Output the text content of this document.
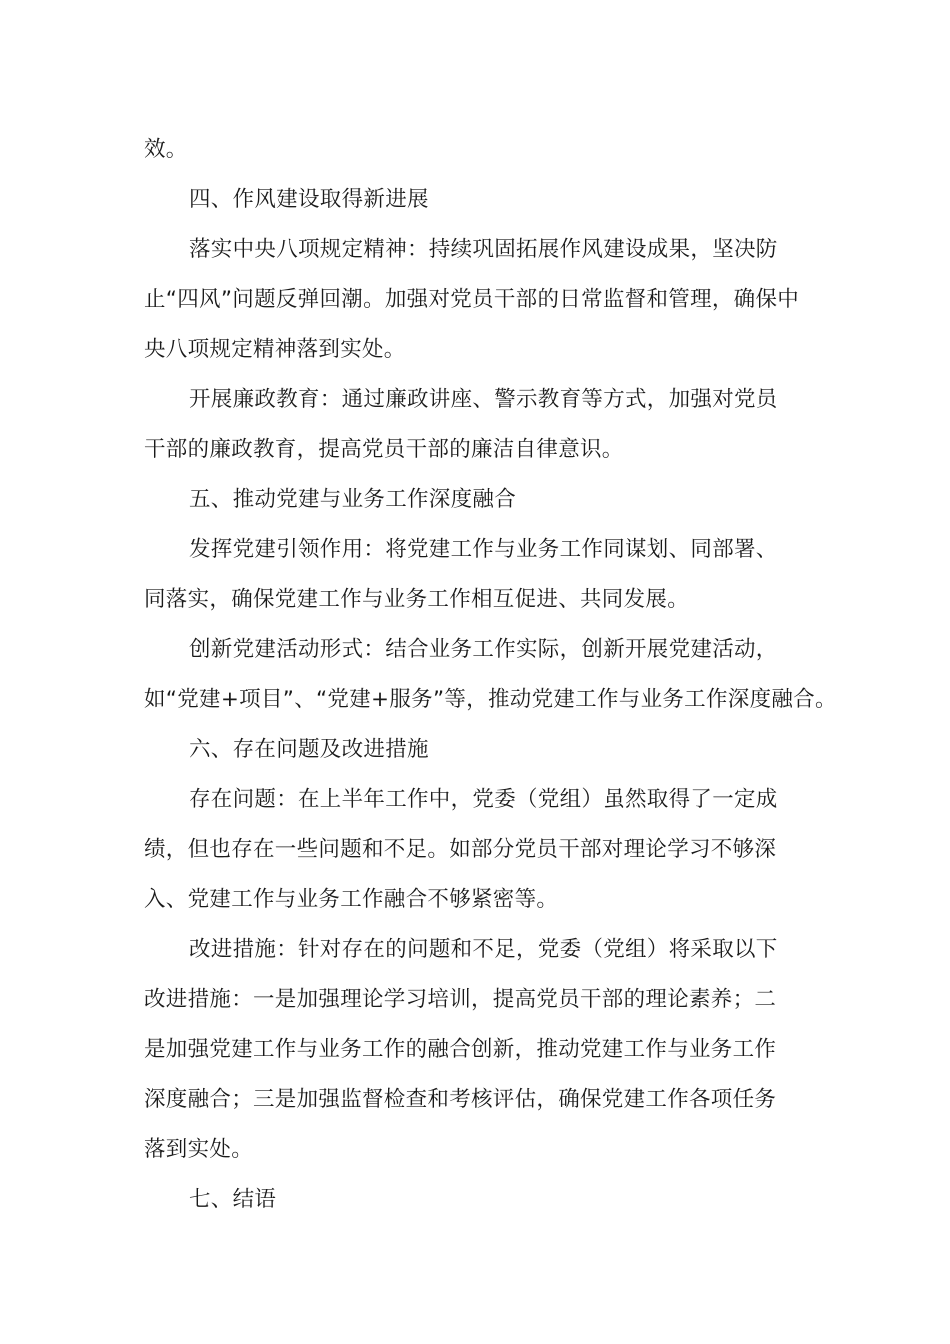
效。
四、作风建设取得新进展
落实中央八项规定精神：持续巩固拓展作风建设成果，坚决防
止“四风”问题反弹回潮。加强对党员干部的日常监督和管理，确保中
央八项规定精神落到实处。
开展廉政教育：通过廉政讲座、警示教育等方式，加强对党员
干部的廉政教育，提高党员干部的廉洁自律意识。
五、推动党建与业务工作深度融合
发挥党建引领作用：将党建工作与业务工作同谋划、同部署、
同落实，确保党建工作与业务工作相互促进、共同发展。
创新党建活动形式：结合业务工作实际，创新开展党建活动，
如“党建+项目”、“党建+服务”等，推动党建工作与业务工作深度融合。
六、存在问题及改进措施
存在问题：在上半年工作中，党委（党组）虽然取得了一定成
绩，但也存在一些问题和不足。如部分党员干部对理论学习不够深
入、党建工作与业务工作融合不够紧密等。
改进措施：针对存在的问题和不足，党委（党组）将采取以下
改进措施：一是加强理论学习培训，提高党员干部的理论素养；二
是加强党建工作与业务工作的融合创新，推动党建工作与业务工作
深度融合；三是加强监督检查和考核评估，确保党建工作各项任务
落到实处。
七、结语
